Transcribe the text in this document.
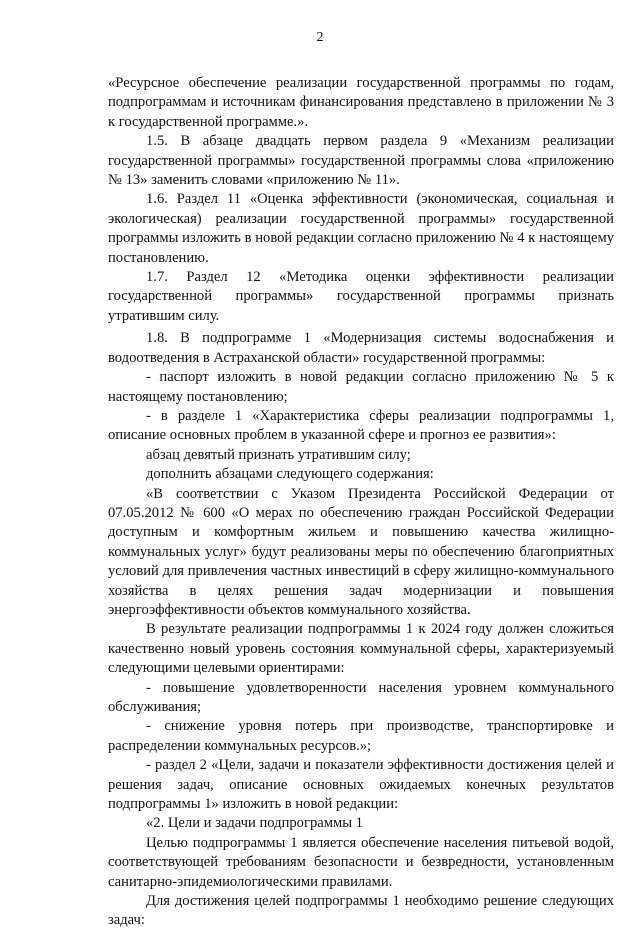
2

«Ресурсное обеспечение реализации государственной программы по годам, подпрограммам и источникам финансирования представлено в приложении № 3 к государственной программе.».

1.5. В абзаце двадцать первом раздела 9 «Механизм реализации государственной программы» государственной программы слова «приложению № 13» заменить словами «приложению № 11».

1.6. Раздел 11 «Оценка эффективности (экономическая, социальная и экологическая) реализации государственной программы» государственной программы изложить в новой редакции согласно приложению № 4 к настоящему постановлению.

1.7. Раздел 12 «Методика оценки эффективности реализации государственной программы» государственной программы признать утратившим силу.

1.8. В подпрограмме 1 «Модернизация системы водоснабжения и водоотведения в Астраханской области» государственной программы:

- паспорт изложить в новой редакции согласно приложению № 5 к настоящему постановлению;

- в разделе 1 «Характеристика сферы реализации подпрограммы 1, описание основных проблем в указанной сфере и прогноз ее развития»:

абзац девятый признать утратившим силу;

дополнить абзацами следующего содержания:

«В соответствии с Указом Президента Российской Федерации от 07.05.2012 № 600 «О мерах по обеспечению граждан Российской Федерации доступным и комфортным жильем и повышению качества жилищно-коммунальных услуг» будут реализованы меры по обеспечению благоприятных условий для привлечения частных инвестиций в сферу жилищно-коммунального хозяйства в целях решения задач модернизации и повышения энергоэффективности объектов коммунального хозяйства.

В результате реализации подпрограммы 1 к 2024 году должен сложиться качественно новый уровень состояния коммунальной сферы, характеризуемый следующими целевыми ориентирами:

- повышение удовлетворенности населения уровнем коммунального обслуживания;

- снижение уровня потерь при производстве, транспортировке и распределении коммунальных ресурсов.»;

- раздел 2 «Цели, задачи и показатели эффективности достижения целей и решения задач, описание основных ожидаемых конечных результатов подпрограммы 1» изложить в новой редакции:

«2. Цели и задачи подпрограммы 1

Целью подпрограммы 1 является обеспечение населения питьевой водой, соответствующей требованиям безопасности и безвредности, установленным санитарно-эпидемиологическими правилами.

Для достижения целей подпрограммы 1 необходимо решение следующих задач:
